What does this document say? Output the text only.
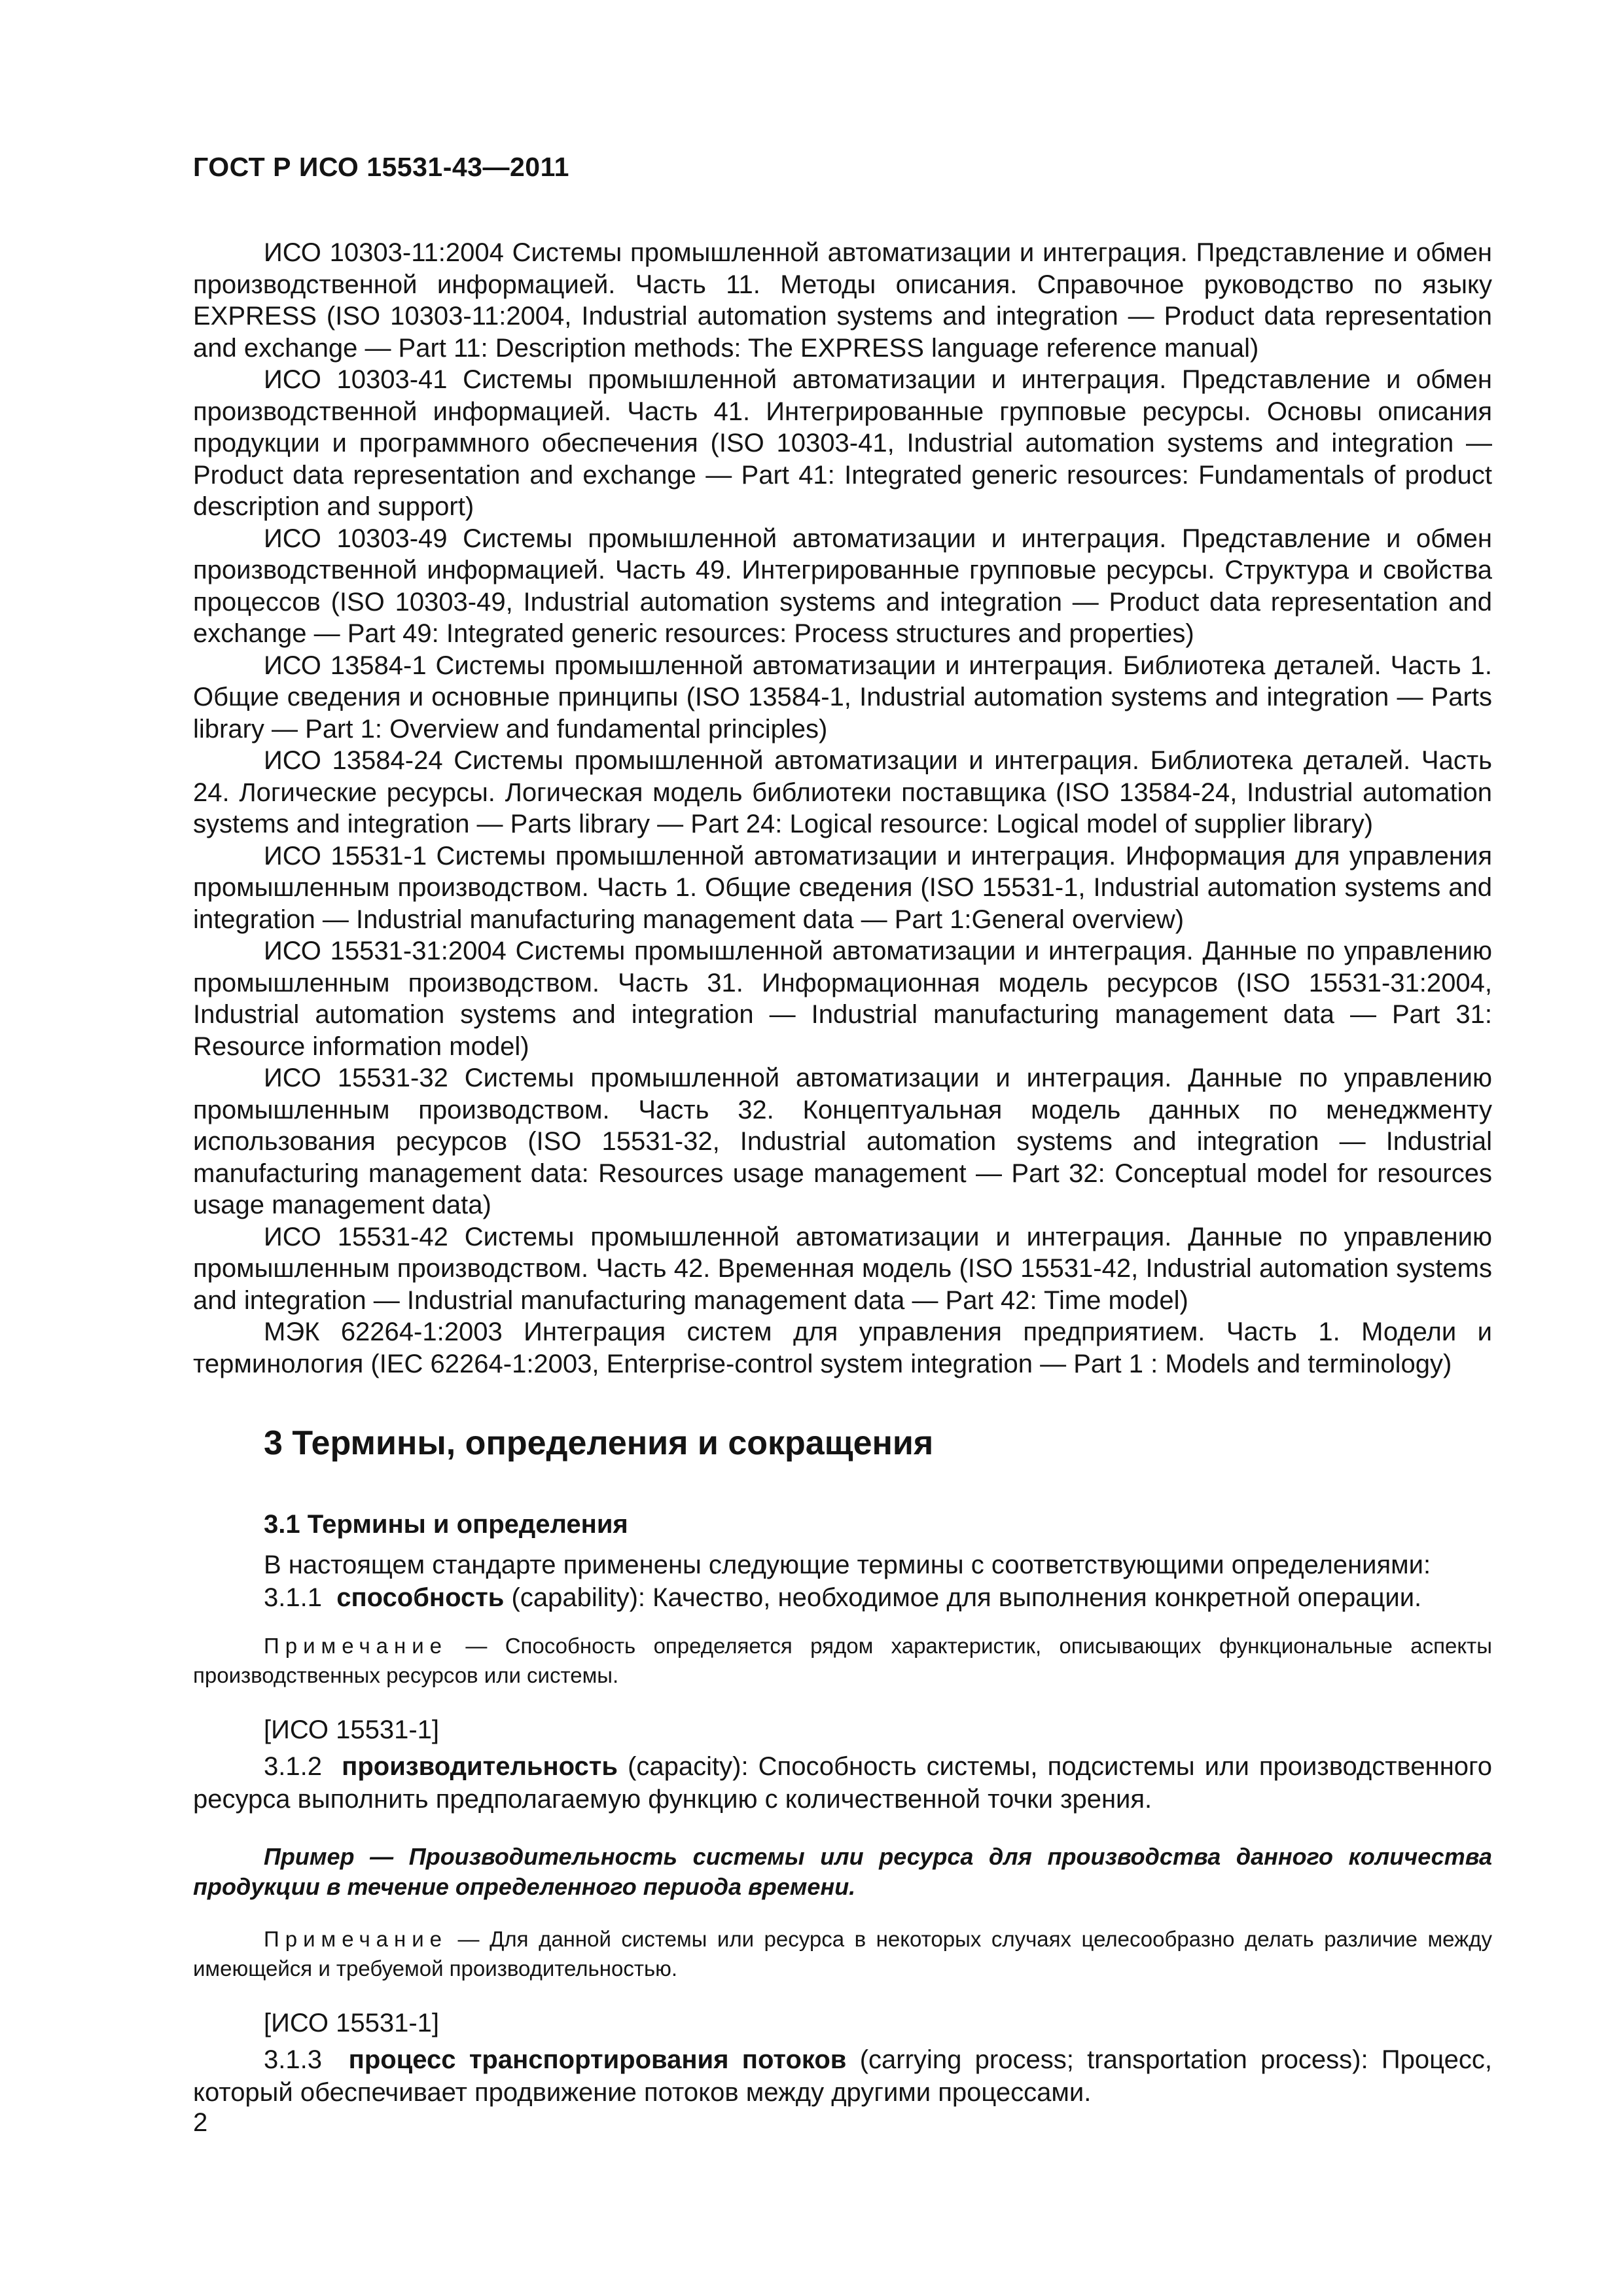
ГОСТ Р ИСО 15531-43—2011

ИСО 10303-11:2004 Системы промышленной автоматизации и интеграция. Представление и обмен производственной информацией. Часть 11. Методы описания. Справочное руководство по языку EXPRESS (ISO 10303-11:2004, Industrial automation systems and integration — Product data representation and exchange — Part 11: Description methods: The EXPRESS language reference manual)

ИСО 10303-41 Системы промышленной автоматизации и интеграция. Представление и обмен производственной информацией. Часть 41. Интегрированные групповые ресурсы. Основы описания продукции и программного обеспечения (ISO 10303-41, Industrial automation systems and integration — Product data representation and exchange — Part 41: Integrated generic resources: Fundamentals of product description and support)

ИСО 10303-49 Системы промышленной автоматизации и интеграция. Представление и обмен производственной информацией. Часть 49. Интегрированные групповые ресурсы. Структура и свойства процессов (ISO 10303-49, Industrial automation systems and integration — Product data representation and exchange — Part 49: Integrated generic resources: Process structures and properties)

ИСО 13584-1 Системы промышленной автоматизации и интеграция. Библиотека деталей. Часть 1. Общие сведения и основные принципы (ISO 13584-1, Industrial automation systems and integration — Parts library — Part 1: Overview and fundamental principles)

ИСО 13584-24 Системы промышленной автоматизации и интеграция. Библиотека деталей. Часть 24. Логические ресурсы. Логическая модель библиотеки поставщика (ISO 13584-24, Industrial automation systems and integration — Parts library — Part 24: Logical resource: Logical model of supplier library)

ИСО 15531-1 Системы промышленной автоматизации и интеграция. Информация для управления промышленным производством. Часть 1. Общие сведения (ISO 15531-1, Industrial automation systems and integration — Industrial manufacturing management data — Part 1:General overview)

ИСО 15531-31:2004 Системы промышленной автоматизации и интеграция. Данные по управлению промышленным производством. Часть 31. Информационная модель ресурсов (ISO 15531-31:2004, Industrial automation systems and integration — Industrial manufacturing management data — Part 31: Resource information model)

ИСО 15531-32 Системы промышленной автоматизации и интеграция. Данные по управлению промышленным производством. Часть 32. Концептуальная модель данных по менеджменту использования ресурсов (ISO 15531-32, Industrial automation systems and integration — Industrial manufacturing management data: Resources usage management — Part 32: Conceptual model for resources usage management data)

ИСО 15531-42 Системы промышленной автоматизации и интеграция. Данные по управлению промышленным производством. Часть 42. Временная модель (ISO 15531-42, Industrial automation systems and integration — Industrial manufacturing management data — Part 42: Time model)

МЭК 62264-1:2003 Интеграция систем для управления предприятием. Часть 1. Модели и терминология (IEC 62264-1:2003, Enterprise-control system integration — Part 1 : Models and terminology)

3 Термины, определения и сокращения
3.1 Термины и определения

В настоящем стандарте применены следующие термины с соответствующими определениями:

3.1.1 способность (capability): Качество, необходимое для выполнения конкретной операции.

Примечание — Способность определяется рядом характеристик, описывающих функциональные аспекты производственных ресурсов или системы.
[ИСО 15531-1]

3.1.2 производительность (capacity): Способность системы, подсистемы или производственного ресурса выполнить предполагаемую функцию с количественной точки зрения.

Пример — Производительность системы или ресурса для производства данного количества продукции в течение определенного периода времени.
Примечание — Для данной системы или ресурса в некоторых случаях целесообразно делать различие между имеющейся и требуемой производительностью.
[ИСО 15531-1]

3.1.3 процесс транспортирования потоков (carrying process; transportation process): Процесс, который обеспечивает продвижение потоков между другими процессами.

2
